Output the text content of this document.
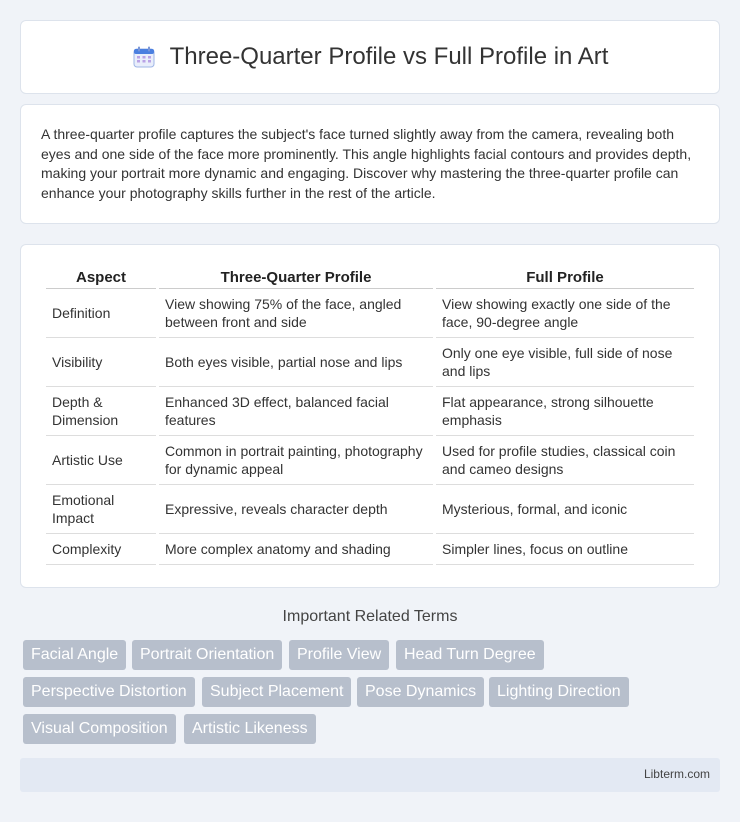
Three-Quarter Profile vs Full Profile in Art

A three-quarter profile captures the subject's face turned slightly away from the camera, revealing both eyes and one side of the face more prominently. This angle highlights facial contours and provides depth, making your portrait more dynamic and engaging. Discover why mastering the three-quarter profile can enhance your photography skills further in the rest of the article.

Aspect	Three-Quarter Profile	Full Profile
Definition	View showing 75% of the face, angled between front and side	View showing exactly one side of the face, 90-degree angle
Visibility	Both eyes visible, partial nose and lips	Only one eye visible, full side of nose and lips
Depth & Dimension	Enhanced 3D effect, balanced facial features	Flat appearance, strong silhouette emphasis
Artistic Use	Common in portrait painting, photography for dynamic appeal	Used for profile studies, classical coin and cameo designs
Emotional Impact	Expressive, reveals character depth	Mysterious, formal, and iconic
Complexity	More complex anatomy and shading	Simpler lines, focus on outline
Important Related Terms
Facial Angle	Portrait Orientation	Profile View	Head Turn Degree
Perspective Distortion	Subject Placement	Pose Dynamics	Lighting Direction
Visual Composition	Artistic Likeness
Libterm.com
